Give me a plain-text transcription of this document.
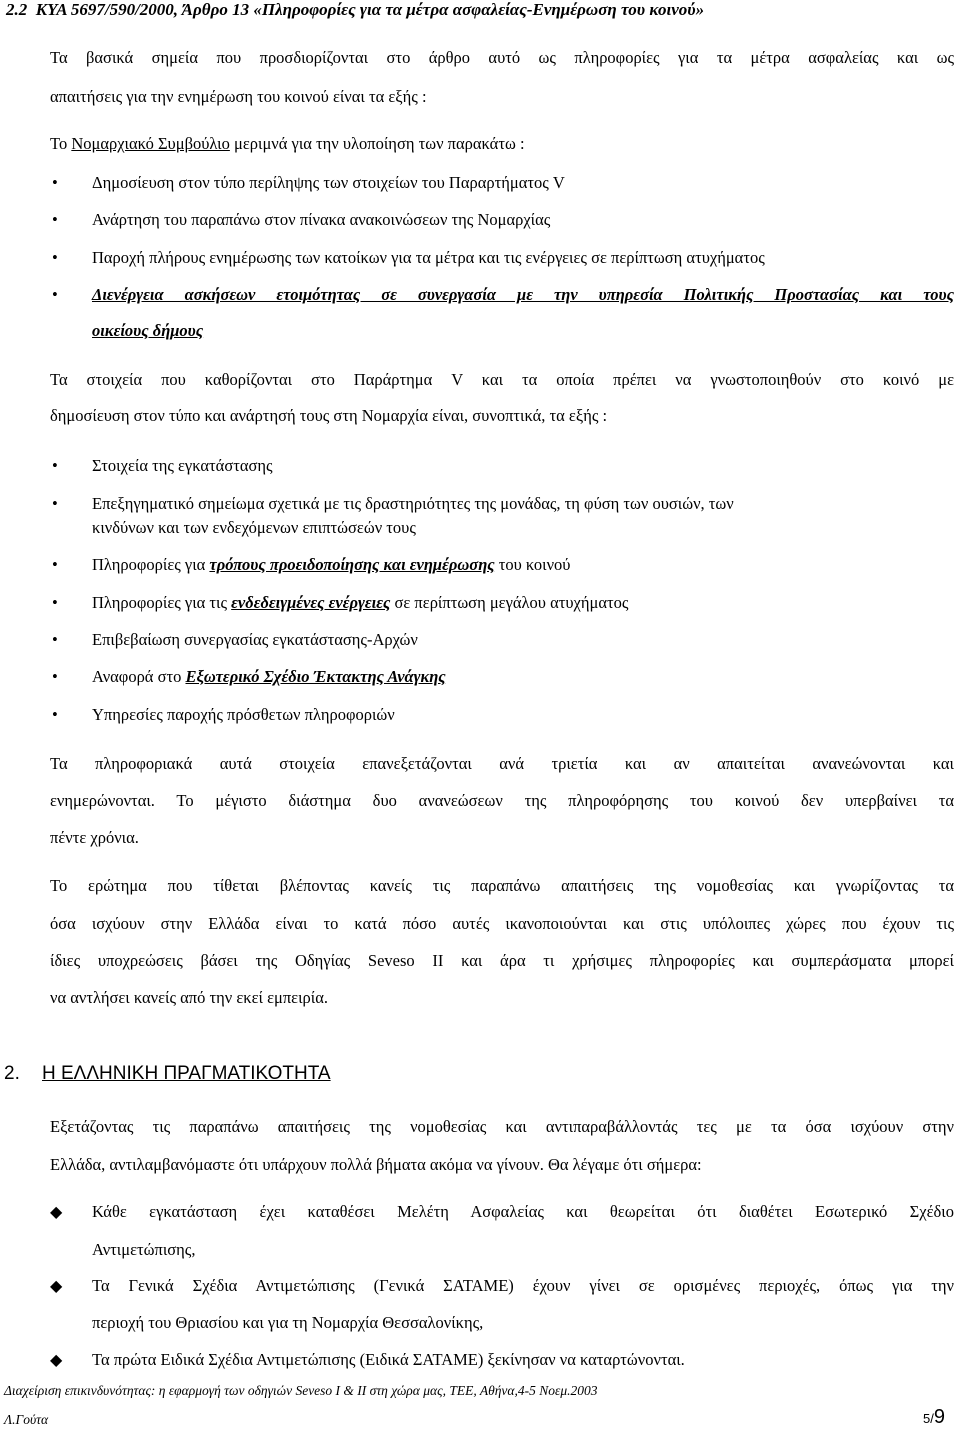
2.2 ΚΥΑ 5697/590/2000, Άρθρο 13 «Πληροφορίες για τα μέτρα ασφαλείας-Ενημέρωση του κοινού»
Τα βασικά σημεία που προσδιορίζονται στο άρθρο αυτό ως πληροφορίες για τα μέτρα ασφαλείας και ως
απαιτήσεις για την ενημέρωση του κοινού είναι τα εξής :
Το Νομαρχιακό Συμβούλιο μεριμνά για την υλοποίηση των παρακάτω :
• Δημοσίευση στον τύπο περίληψης των στοιχείων του Παραρτήματος V
• Ανάρτηση του παραπάνω στον πίνακα ανακοινώσεων της Νομαρχίας
• Παροχή πλήρους ενημέρωσης των κατοίκων για τα μέτρα και τις ενέργειες σε περίπτωση ατυχήματος
• Διενέργεια ασκήσεων ετοιμότητας σε συνεργασία με την υπηρεσία Πολιτικής Προστασίας και τους
οικείους δήμους
Τα στοιχεία που καθορίζονται στο Παράρτημα V και τα οποία πρέπει να γνωστοποιηθούν στο κοινό με
δημοσίευση στον τύπο και ανάρτησή τους στη Νομαρχία είναι, συνοπτικά, τα εξής :
• Στοιχεία της εγκατάστασης
• Επεξηγηματικό σημείωμα σχετικά με τις δραστηριότητες της μονάδας, τη φύση των ουσιών, των
κινδύνων και των ενδεχόμενων επιπτώσεών τους
• Πληροφορίες για τρόπους προειδοποίησης και ενημέρωσης του κοινού
• Πληροφορίες για τις ενδεδειγμένες ενέργειες σε περίπτωση μεγάλου ατυχήματος
• Επιβεβαίωση συνεργασίας εγκατάστασης-Αρχών
• Αναφορά στο Εξωτερικό Σχέδιο Έκτακτης Ανάγκης
• Υπηρεσίες παροχής πρόσθετων πληροφοριών
Τα πληροφοριακά αυτά στοιχεία επανεξετάζονται ανά τριετία και αν απαιτείται ανανεώνονται και
ενημερώνονται. Το μέγιστο διάστημα δυο ανανεώσεων της πληροφόρησης του κοινού δεν υπερβαίνει τα
πέντε χρόνια.
Το ερώτημα που τίθεται βλέποντας κανείς τις παραπάνω απαιτήσεις της νομοθεσίας και γνωρίζοντας τα
όσα ισχύουν στην Ελλάδα είναι το κατά πόσο αυτές ικανοποιούνται και στις υπόλοιπες χώρες που έχουν τις
ίδιες υποχρεώσεις βάσει της Οδηγίας Seveso II και άρα τι χρήσιμες πληροφορίες και συμπεράσματα μπορεί
να αντλήσει κανείς από την εκεί εμπειρία.
2. Η ΕΛΛΗΝΙΚΗ ΠΡΑΓΜΑΤΙΚΟΤΗΤΑ
Εξετάζοντας τις παραπάνω απαιτήσεις της νομοθεσίας και αντιπαραβάλλοντάς τες με τα όσα ισχύουν στην
Ελλάδα, αντιλαμβανόμαστε ότι υπάρχουν πολλά βήματα ακόμα να γίνουν. Θα λέγαμε ότι σήμερα:
◆ Κάθε εγκατάσταση έχει καταθέσει Μελέτη Ασφαλείας και θεωρείται ότι διαθέτει Εσωτερικό Σχέδιο
Αντιμετώπισης,
◆ Τα Γενικά Σχέδια Αντιμετώπισης (Γενικά ΣΑΤΑΜΕ) έχουν γίνει σε ορισμένες περιοχές, όπως για την
περιοχή του Θριασίου και για τη Νομαρχία Θεσσαλονίκης,
◆ Τα πρώτα Ειδικά Σχέδια Αντιμετώπισης (Ειδικά ΣΑΤΑΜΕ) ξεκίνησαν να καταρτώνονται.
Διαχείριση επικινδυνότητας: η εφαρμογή των οδηγιών Seveso I & II στη χώρα μας, ΤΕΕ, Αθήνα,4-5 Νοεμ.2003
Λ.Γούτα	5/9
